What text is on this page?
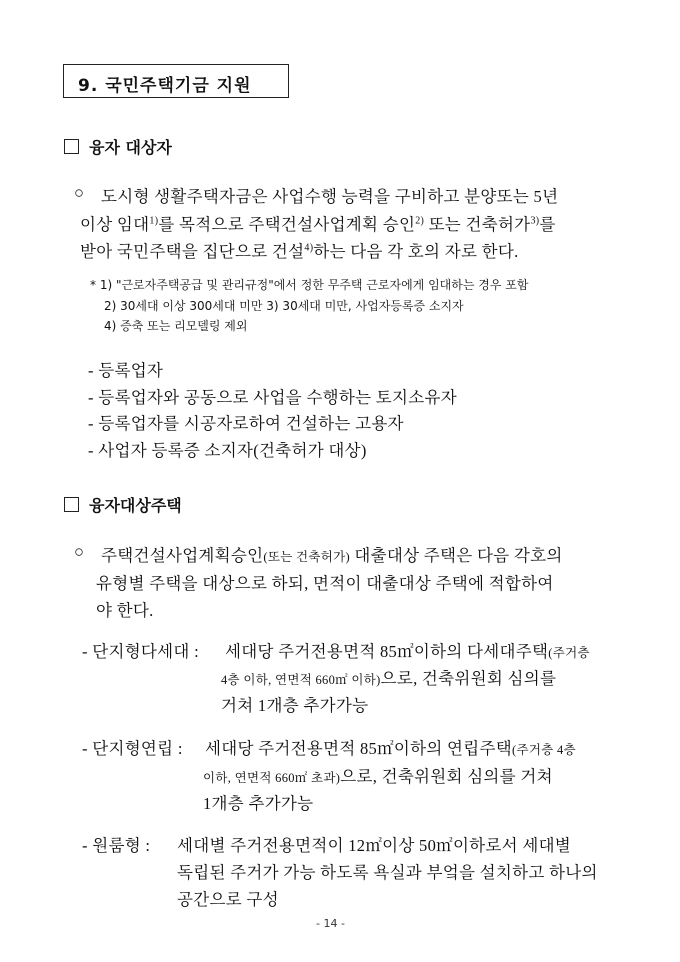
9. 국민주택기금 지원
융자 대상자
○ 도시형 생활주택자금은 사업수행 능력을 구비하고 분양또는 5년
이상 임대$^{1)}$를 목적으로 주택건설사업계획 승인$^{2)}$ 또는 건축허가$^{3)}$를
받아 국민주택을 집단으로 건설$^{4)}$하는 다음 각 호의 자로 한다.
* 1) "근로자주택공급 및 관리규정"에서 정한 무주택 근로자에게 임대하는 경우 포함
2) 30세대 이상 300세대 미만 3) 30세대 미만, 사업자등록증 소지자
4) 증축 또는 리모델링 제외
- 등록업자
- 등록업자와 공동으로 사업을 수행하는 토지소유자
- 등록업자를 시공자로하여 건설하는 고용자
- 사업자 등록증 소지자(건축허가 대상)
융자대상주택
○ 주택건설사업계획승인(또는 건축허가) 대출대상 주택은 다음 각호의
유형별 주택을 대상으로 하되, 면적이 대출대상 주택에 적합하여
야 한다.
- 단지형다세대 : 세대당 주거전용면적 85㎡이하의 다세대주택(주거층
4층 이하, 연면적 660㎡ 이하)으로, 건축위원회 심의를
거쳐 1개층 추가가능
- 단지형연립 : 세대당 주거전용면적 85㎡이하의 연립주택(주거층 4층
이하, 연면적 660㎡ 초과)으로, 건축위원회 심의를 거쳐
1개층 추가가능
- 원룸형 : 세대별 주거전용면적이 12㎡이상 50㎡이하로서 세대별
독립된 주거가 가능 하도록 욕실과 부엌을 설치하고 하나의
공간으로 구성
- 14 -
